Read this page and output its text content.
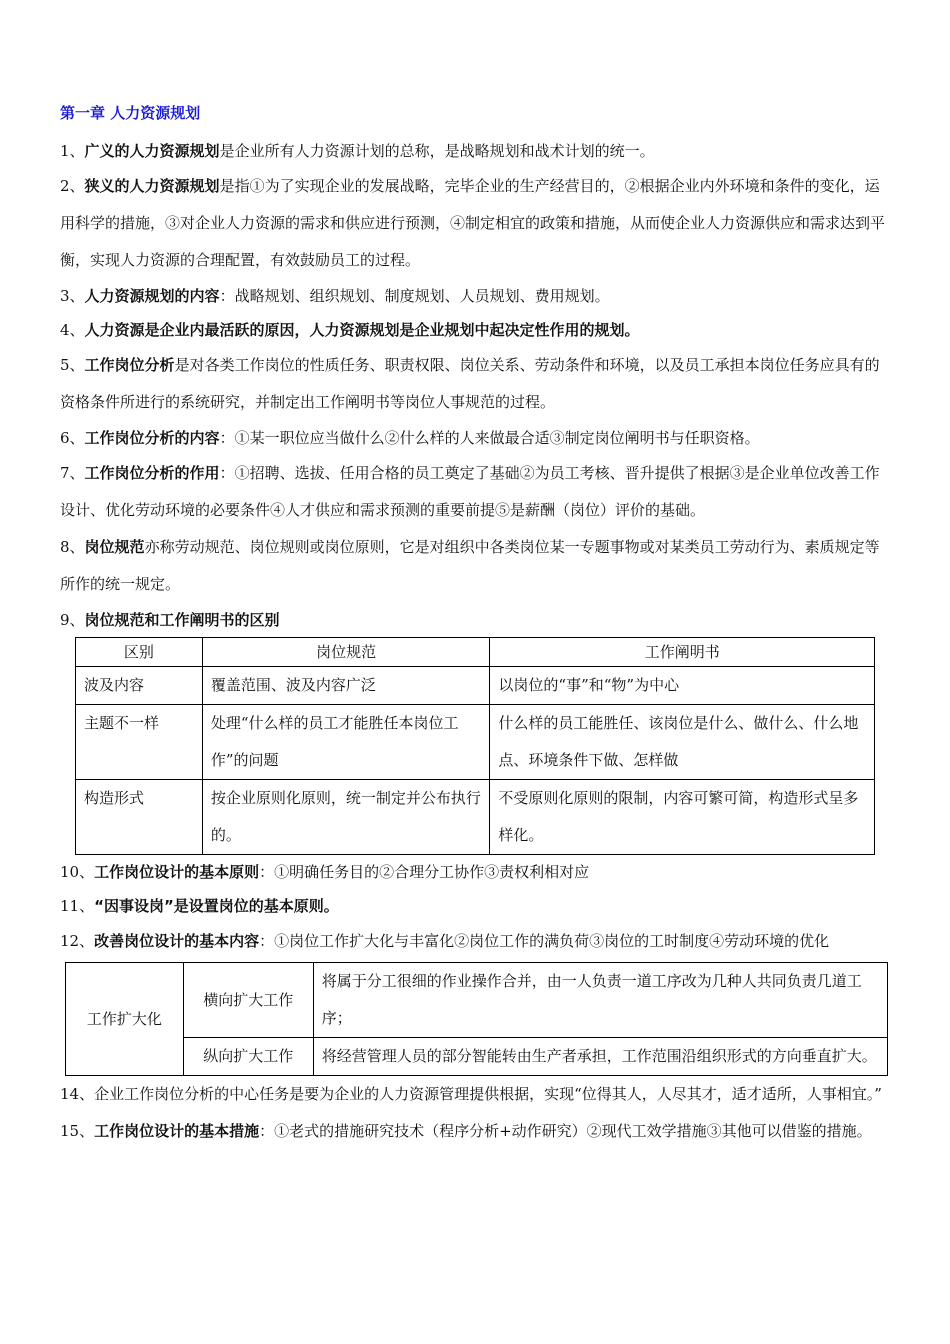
第一章 人力资源规划

1、广义的人力资源规划是企业所有人力资源计划的总称，是战略规划和战术计划的统一。

2、狭义的人力资源规划是指①为了实现企业的发展战略，完毕企业的生产经营目的，②根据企业内外环境和条件的变化，运用科学的措施，③对企业人力资源的需求和供应进行预测，④制定相宜的政策和措施，从而使企业人力资源供应和需求达到平衡，实现人力资源的合理配置，有效鼓励员工的过程。

3、人力资源规划的内容：战略规划、组织规划、制度规划、人员规划、费用规划。

4、人力资源是企业内最活跃的原因，人力资源规划是企业规划中起决定性作用的规划。

5、工作岗位分析是对各类工作岗位的性质任务、职责权限、岗位关系、劳动条件和环境，以及员工承担本岗位任务应具有的资格条件所进行的系统研究，并制定出工作阐明书等岗位人事规范的过程。

6、工作岗位分析的内容：①某一职位应当做什么②什么样的人来做最合适③制定岗位阐明书与任职资格。

7、工作岗位分析的作用：①招聘、选拔、任用合格的员工奠定了基础②为员工考核、晋升提供了根据③是企业单位改善工作设计、优化劳动环境的必要条件④人才供应和需求预测的重要前提⑤是薪酬（岗位）评价的基础。

8、岗位规范亦称劳动规范、岗位规则或岗位原则，它是对组织中各类岗位某一专题事物或对某类员工劳动行为、素质规定等所作的统一规定。

9、岗位规范和工作阐明书的区别

区别	岗位规范	工作阐明书
波及内容	覆盖范围、波及内容广泛	以岗位的“事”和“物”为中心
主题不一样	处理“什么样的员工才能胜任本岗位工作”的问题	什么样的员工能胜任、该岗位是什么、做什么、什么地点、环境条件下做、怎样做
构造形式	按企业原则化原则，统一制定并公布执行的。	不受原则化原则的限制，内容可繁可简，构造形式呈多样化。

10、工作岗位设计的基本原则：①明确任务目的②合理分工协作③责权利相对应

11、“因事设岗”是设置岗位的基本原则。

12、改善岗位设计的基本内容：①岗位工作扩大化与丰富化②岗位工作的满负荷③岗位的工时制度④劳动环境的优化

工作扩大化	横向扩大工作	将属于分工很细的作业操作合并，由一人负责一道工序改为几种人共同负责几道工序；
	纵向扩大工作	将经营管理人员的部分智能转由生产者承担，工作范围沿组织形式的方向垂直扩大。

14、企业工作岗位分析的中心任务是要为企业的人力资源管理提供根据，实现“位得其人，人尽其才，适才适所，人事相宜。”

15、工作岗位设计的基本措施：①老式的措施研究技术（程序分析+动作研究）②现代工效学措施③其他可以借鉴的措施。
